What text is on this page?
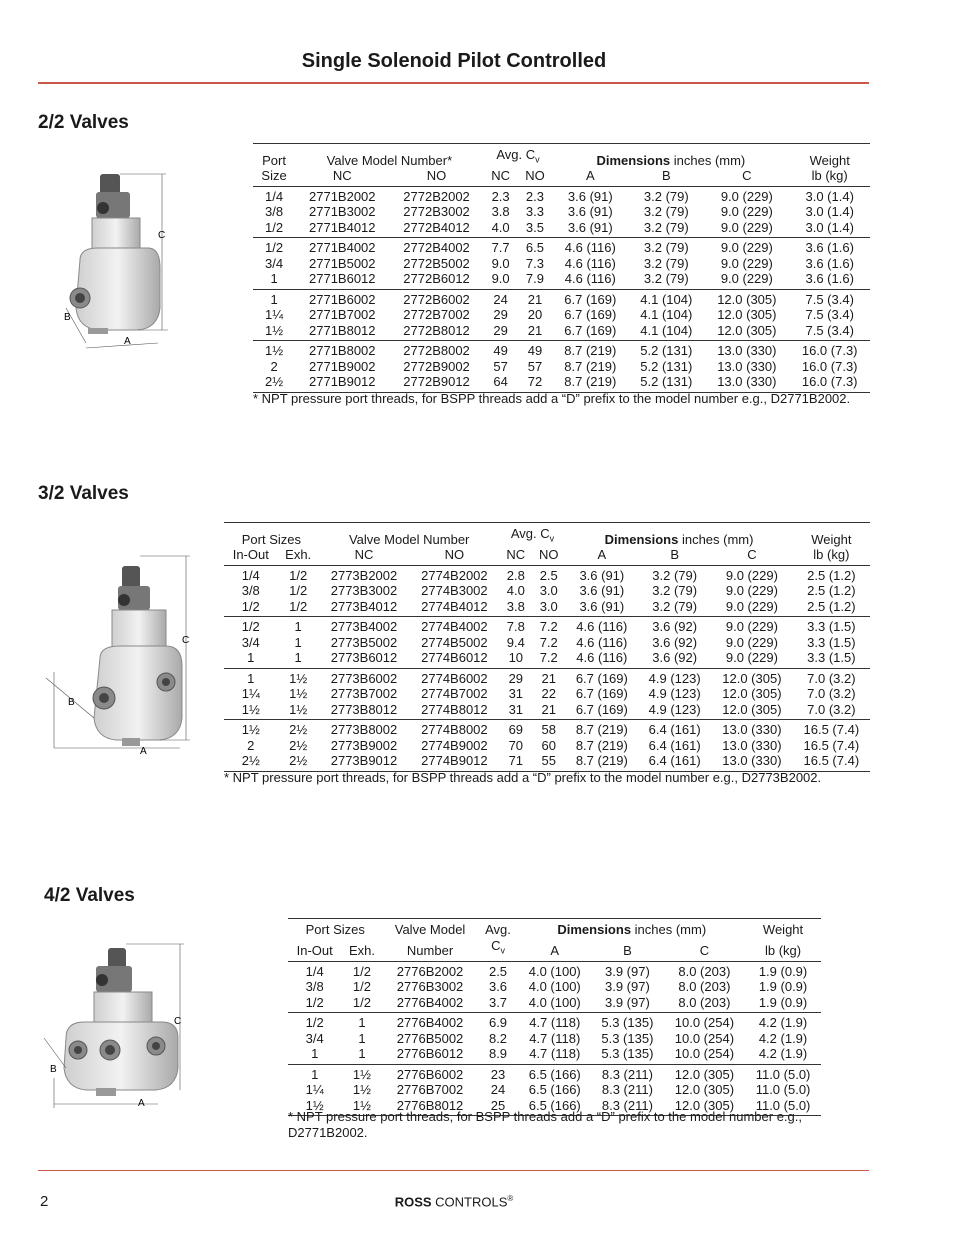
Single Solenoid Pilot Controlled
2/2 Valves
C
B
A
Port	Valve Model Number*		Avg. $C_v$		Dimensions inches (mm)			Weight
Size	NC	NO	NC	NO	A	B	C	lb (kg)
1/4	2771B2002	2772B2002	2.3	2.3	3.6 (91)	3.2 (79)	9.0 (229)	3.0 (1.4)
3/8	2771B3002	2772B3002	3.8	3.3	3.6 (91)	3.2 (79)	9.0 (229)	3.0 (1.4)
1/2	2771B4012	2772B4012	4.0	3.5	3.6 (91)	3.2 (79)	9.0 (229)	3.0 (1.4)
1/2	2771B4002	2772B4002	7.7	6.5	4.6 (116)	3.2 (79)	9.0 (229)	3.6 (1.6)
3/4	2771B5002	2772B5002	9.0	7.3	4.6 (116)	3.2 (79)	9.0 (229)	3.6 (1.6)
1	2771B6012	2772B6012	9.0	7.9	4.6 (116)	3.2 (79)	9.0 (229)	3.6 (1.6)
1	2771B6002	2772B6002	24	21	6.7 (169)	4.1 (104)	12.0 (305)	7.5 (3.4)
1¼	2771B7002	2772B7002	29	20	6.7 (169)	4.1 (104)	12.0 (305)	7.5 (3.4)
1½	2771B8012	2772B8012	29	21	6.7 (169)	4.1 (104)	12.0 (305)	7.5 (3.4)
1½	2771B8002	2772B8002	49	49	8.7 (219)	5.2 (131)	13.0 (330)	16.0 (7.3)
2	2771B9002	2772B9002	57	57	8.7 (219)	5.2 (131)	13.0 (330)	16.0 (7.3)
2½	2771B9012	2772B9012	64	72	8.7 (219)	5.2 (131)	13.0 (330)	16.0 (7.3)
* NPT pressure port threads, for BSPP threads add a “D” prefix to the model number e.g., D2771B2002.
3/2 Valves
C
B
A
Port Sizes		Valve Model Number		Avg. $C_v$		Dimensions inches (mm)			Weight
In-Out	Exh.	NC	NO	NC	NO	A	B	C	lb (kg)
1/4	1/2	2773B2002	2774B2002	2.8	2.5	3.6 (91)	3.2 (79)	9.0 (229)	2.5 (1.2)
3/8	1/2	2773B3002	2774B3002	4.0	3.0	3.6 (91)	3.2 (79)	9.0 (229)	2.5 (1.2)
1/2	1/2	2773B4012	2774B4012	3.8	3.0	3.6 (91)	3.2 (79)	9.0 (229)	2.5 (1.2)
1/2	1	2773B4002	2774B4002	7.8	7.2	4.6 (116)	3.6 (92)	9.0 (229)	3.3 (1.5)
3/4	1	2773B5002	2774B5002	9.4	7.2	4.6 (116)	3.6 (92)	9.0 (229)	3.3 (1.5)
1	1	2773B6012	2774B6012	10	7.2	4.6 (116)	3.6 (92)	9.0 (229)	3.3 (1.5)
1	1½	2773B6002	2774B6002	29	21	6.7 (169)	4.9 (123)	12.0 (305)	7.0 (3.2)
1¼	1½	2773B7002	2774B7002	31	22	6.7 (169)	4.9 (123)	12.0 (305)	7.0 (3.2)
1½	1½	2773B8012	2774B8012	31	21	6.7 (169)	4.9 (123)	12.0 (305)	7.0 (3.2)
1½	2½	2773B8002	2774B8002	69	58	8.7 (219)	6.4 (161)	13.0 (330)	16.5 (7.4)
2	2½	2773B9002	2774B9002	70	60	8.7 (219)	6.4 (161)	13.0 (330)	16.5 (7.4)
2½	2½	2773B9012	2774B9012	71	55	8.7 (219)	6.4 (161)	13.0 (330)	16.5 (7.4)
* NPT pressure port threads, for BSPP threads add a “D” prefix to the model number e.g., D2773B2002.
4/2 Valves
C
B
A
Port Sizes		Valve Model	Avg.	Dimensions inches (mm)			Weight
In-Out	Exh.	Number	$C_v$	A	B	C	lb (kg)
1/4	1/2	2776B2002	2.5	4.0 (100)	3.9 (97)	8.0 (203)	1.9 (0.9)
3/8	1/2	2776B3002	3.6	4.0 (100)	3.9 (97)	8.0 (203)	1.9 (0.9)
1/2	1/2	2776B4002	3.7	4.0 (100)	3.9 (97)	8.0 (203)	1.9 (0.9)
1/2	1	2776B4002	6.9	4.7 (118)	5.3 (135)	10.0 (254)	4.2 (1.9)
3/4	1	2776B5002	8.2	4.7 (118)	5.3 (135)	10.0 (254)	4.2 (1.9)
1	1	2776B6012	8.9	4.7 (118)	5.3 (135)	10.0 (254)	4.2 (1.9)
1	1½	2776B6002	23	6.5 (166)	8.3 (211)	12.0 (305)	11.0 (5.0)
1¼	1½	2776B7002	24	6.5 (166)	8.3 (211)	12.0 (305)	11.0 (5.0)
1½	1½	2776B8012	25	6.5 (166)	8.3 (211)	12.0 (305)	11.0 (5.0)
* NPT pressure port threads, for BSPP threads add a “D” prefix to the model number e.g., D2771B2002.
2	ROSS CONTROLS®
